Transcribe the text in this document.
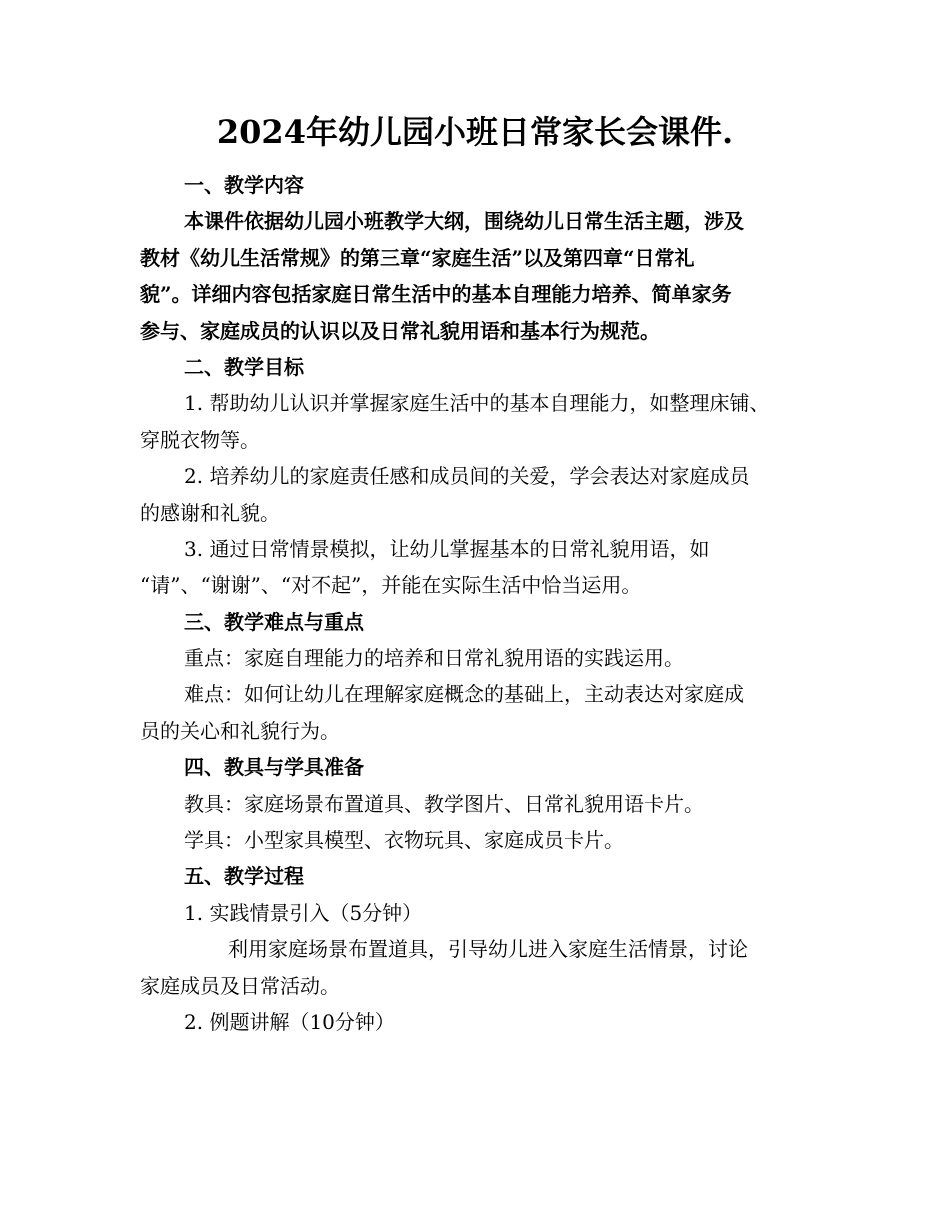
2024年幼儿园小班日常家长会课件.
一、教学内容
本课件依据幼儿园小班教学大纲，围绕幼儿日常生活主题，涉及
教材《幼儿生活常规》的第三章“家庭生活”以及第四章“日常礼
貌”。详细内容包括家庭日常生活中的基本自理能力培养、简单家务
参与、家庭成员的认识以及日常礼貌用语和基本行为规范。
二、教学目标
1. 帮助幼儿认识并掌握家庭生活中的基本自理能力，如整理床铺、
穿脱衣物等。
2. 培养幼儿的家庭责任感和成员间的关爱，学会表达对家庭成员
的感谢和礼貌。
3. 通过日常情景模拟，让幼儿掌握基本的日常礼貌用语，如
“请”、“谢谢”、“对不起”，并能在实际生活中恰当运用。
三、教学难点与重点
重点：家庭自理能力的培养和日常礼貌用语的实践运用。
难点：如何让幼儿在理解家庭概念的基础上，主动表达对家庭成
员的关心和礼貌行为。
四、教具与学具准备
教具：家庭场景布置道具、教学图片、日常礼貌用语卡片。
学具：小型家具模型、衣物玩具、家庭成员卡片。
五、教学过程
1. 实践情景引入（5分钟）
利用家庭场景布置道具，引导幼儿进入家庭生活情景，讨论
家庭成员及日常活动。
2. 例题讲解（10分钟）
